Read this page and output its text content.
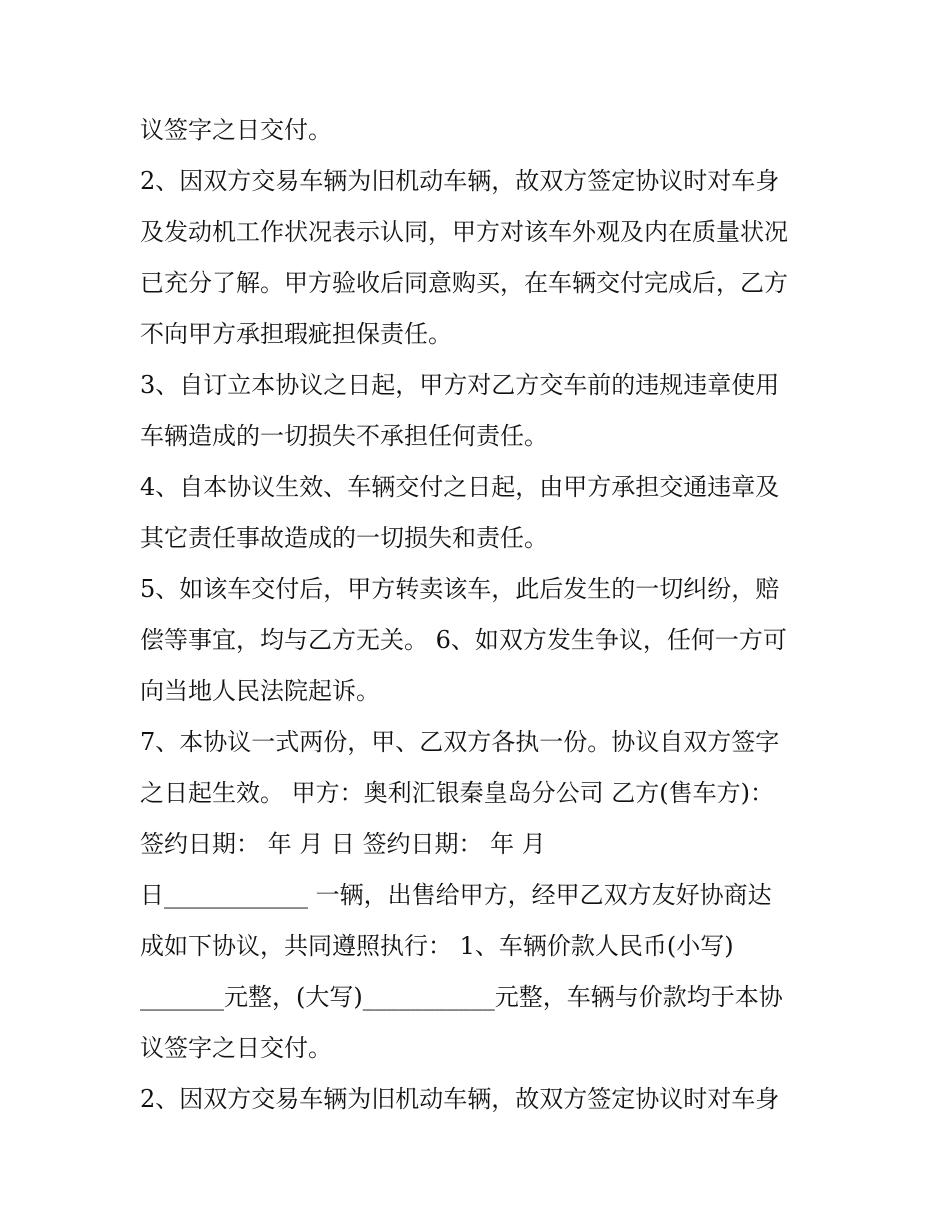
议签字之日交付。
2、因双方交易车辆为旧机动车辆，故双方签定协议时对车身
及发动机工作状况表示认同，甲方对该车外观及内在质量状况
已充分了解。甲方验收后同意购买，在车辆交付完成后，乙方
不向甲方承担瑕疵担保责任。
3、自订立本协议之日起，甲方对乙方交车前的违规违章使用
车辆造成的一切损失不承担任何责任。
4、自本协议生效、车辆交付之日起，由甲方承担交通违章及
其它责任事故造成的一切损失和责任。
5、如该车交付后，甲方转卖该车，此后发生的一切纠纷，赔
偿等事宜，均与乙方无关。 6、如双方发生争议，任何一方可
向当地人民法院起诉。
7、本协议一式两份，甲、乙双方各执一份。协议自双方签字
之日起生效。 甲方：奥利汇银秦皇岛分公司 乙方(售车方)：
签约日期： 年 月 日 签约日期： 年 月
日____________ 一辆，出售给甲方，经甲乙双方友好协商达
成如下协议，共同遵照执行： 1、车辆价款人民币(小写)
_______元整，(大写)___________元整，车辆与价款均于本协
议签字之日交付。
2、因双方交易车辆为旧机动车辆，故双方签定协议时对车身
